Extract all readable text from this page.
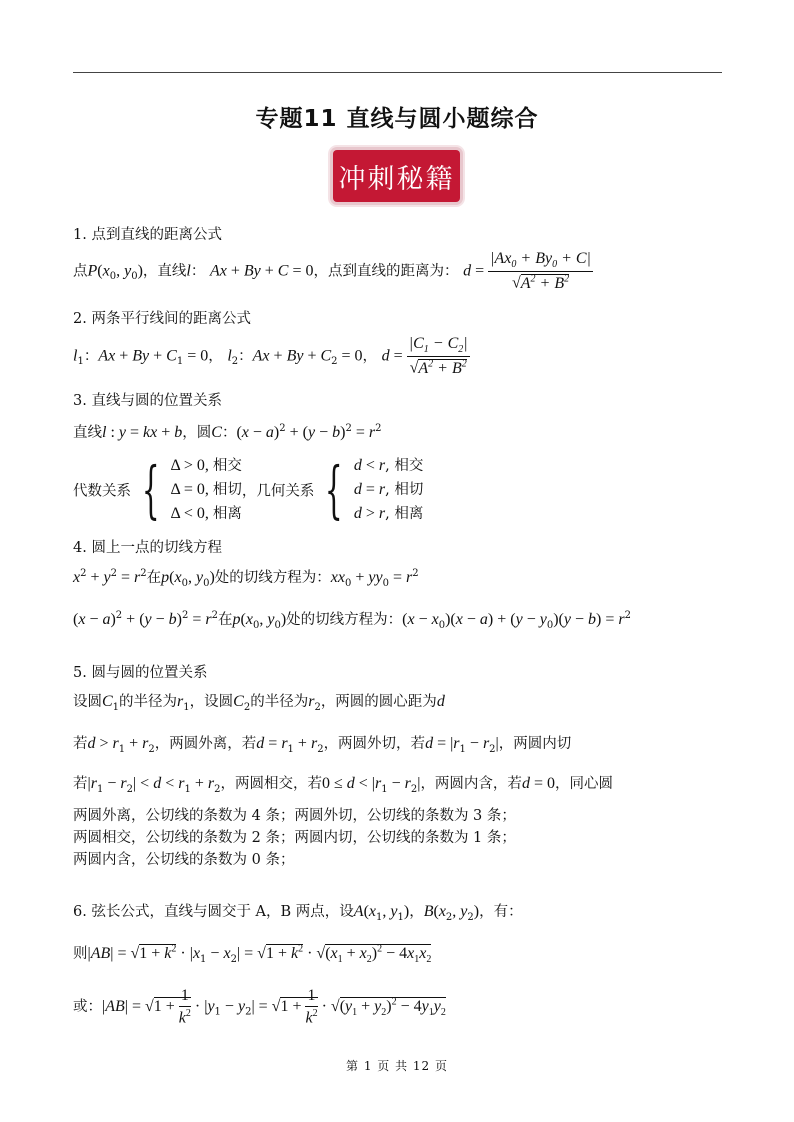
专题11 直线与圆小题综合
冲刺秘籍
1. 点到直线的距离公式
点$P(x_0$, $y_0$)，直线l： Ax + By + C = 0，点到直线的距离为： $d = \frac{|Ax_0 + By_0 + C|}{√A^2 + B^2}$
2. 两条平行线间的距离公式
$l_1$：$Ax + By + C_1 = 0$， $l_2$：$Ax + By + C_2 = 0$， $d = \frac{|C_1 - C_2|}{√A^2 + B^2}$
3. 直线与圆的位置关系
直线l : y = kx + b，圆C：$(x - a)^2 + (y - b)^2 = r^2$
代数关系 { Δ > 0, 相交
Δ = 0, 相切
Δ < 0, 相离，几何关系 { d < r, 相交
d = r, 相切
d > r, 相离
4. 圆上一点的切线方程
$x^2 + y^2 = r^2$在$p(x_0$, $y_0$)处的切线方程为：$xx_0 + yy_0 = r^2$
$(x - a)^2 + (y - b)^2 = r^2$在$p(x_0$, $y_0$)处的切线方程为：$(x - x_0)(x - a) + (y - y_0)(y - b) = r^2$
5. 圆与圆的位置关系
设圆$C_1$的半径为$r_1$，设圆$C_2$的半径为$r_2$，两圆的圆心距为d
若$d > r_1 + r_2$，两圆外离，若$d = r_1 + r_2$，两圆外切，若$d = |r_1 - r_2|$，两圆内切
若$|r_1 - r_2| < d < r_1 + r_2$，两圆相交，若$0 \le d < |r_1 - r_2|$，两圆内含，若d = 0，同心圆
两圆外离，公切线的条数为 4 条；两圆外切，公切线的条数为 3 条；
两圆相交，公切线的条数为 2 条；两圆内切，公切线的条数为 1 条；
两圆内含，公切线的条数为 0 条；
6. 弦长公式，直线与圆交于 A，B 两点，设$A(x_1$, $y_1$)，$B(x_2$, $y_2$)，有：
则$|AB| = √1 + k^2 \cdot |x_1 - x_2| = √1 + k^2 \cdot √(x_1 + x_2)^2 - 4x_1x_2$
或：$|AB| = √1 + \frac{1}{k^2} \cdot |y_1 - y_2| = √1 + \frac{1}{k^2} \cdot √(y_1 + y_2)^2 - 4y_1y_2$
第 1 页 共 12 页
